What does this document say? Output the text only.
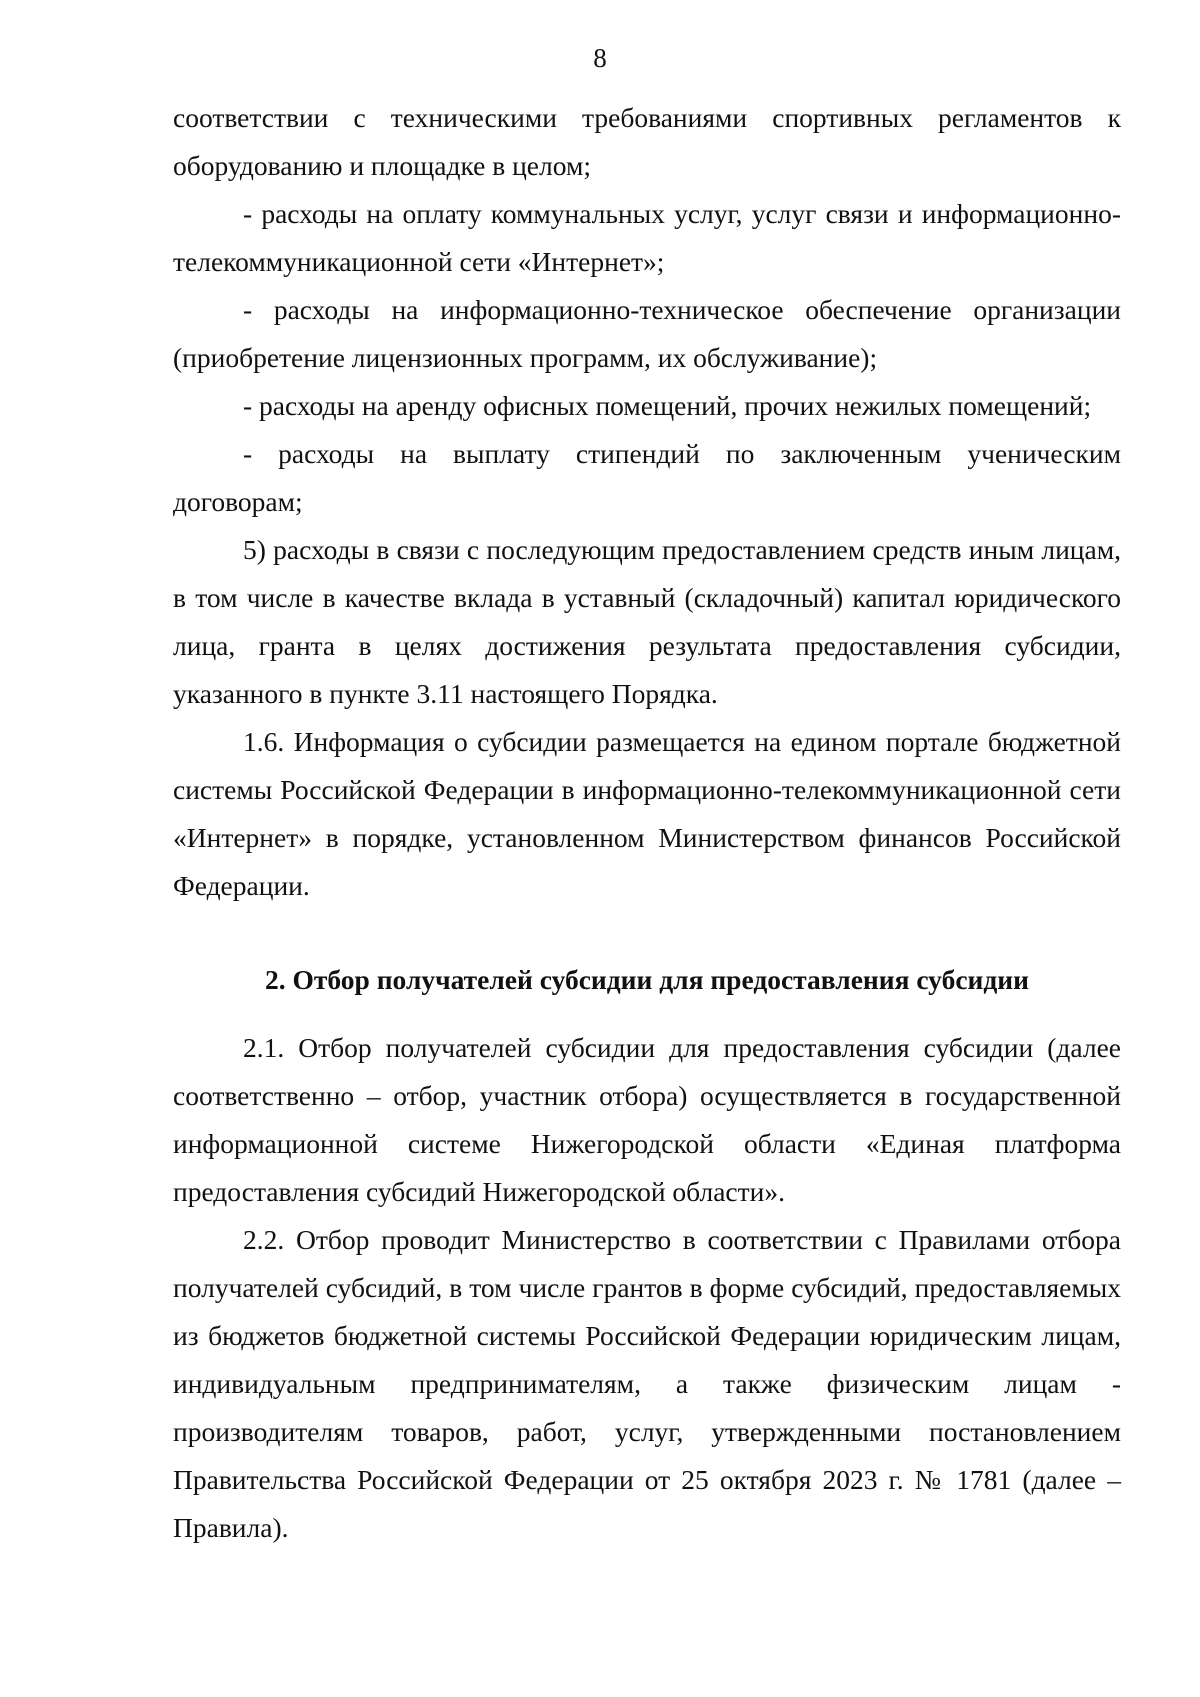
8

соответствии с техническими требованиями спортивных регламентов к оборудованию и площадке в целом;

- расходы на оплату коммунальных услуг, услуг связи и информационно-телекоммуникационной сети «Интернет»;

- расходы на информационно-техническое обеспечение организации (приобретение лицензионных программ, их обслуживание);

- расходы на аренду офисных помещений, прочих нежилых помещений;

- расходы на выплату стипендий по заключенным ученическим договорам;

5) расходы в связи с последующим предоставлением средств иным лицам, в том числе в качестве вклада в уставный (складочный) капитал юридического лица, гранта в целях достижения результата предоставления субсидии, указанного в пункте 3.11 настоящего Порядка.

1.6. Информация о субсидии размещается на едином портале бюджетной системы Российской Федерации в информационно-телекоммуникационной сети «Интернет» в порядке, установленном Министерством финансов Российской Федерации.

2. Отбор получателей субсидии для предоставления субсидии

2.1. Отбор получателей субсидии для предоставления субсидии (далее соответственно – отбор, участник отбора) осуществляется в государственной информационной системе Нижегородской области «Единая платформа предоставления субсидий Нижегородской области».

2.2. Отбор проводит Министерство в соответствии с Правилами отбора получателей субсидий, в том числе грантов в форме субсидий, предоставляемых из бюджетов бюджетной системы Российской Федерации юридическим лицам, индивидуальным предпринимателям, а также физическим лицам - производителям товаров, работ, услуг, утвержденными постановлением Правительства Российской Федерации от 25 октября 2023 г. № 1781 (далее – Правила).
